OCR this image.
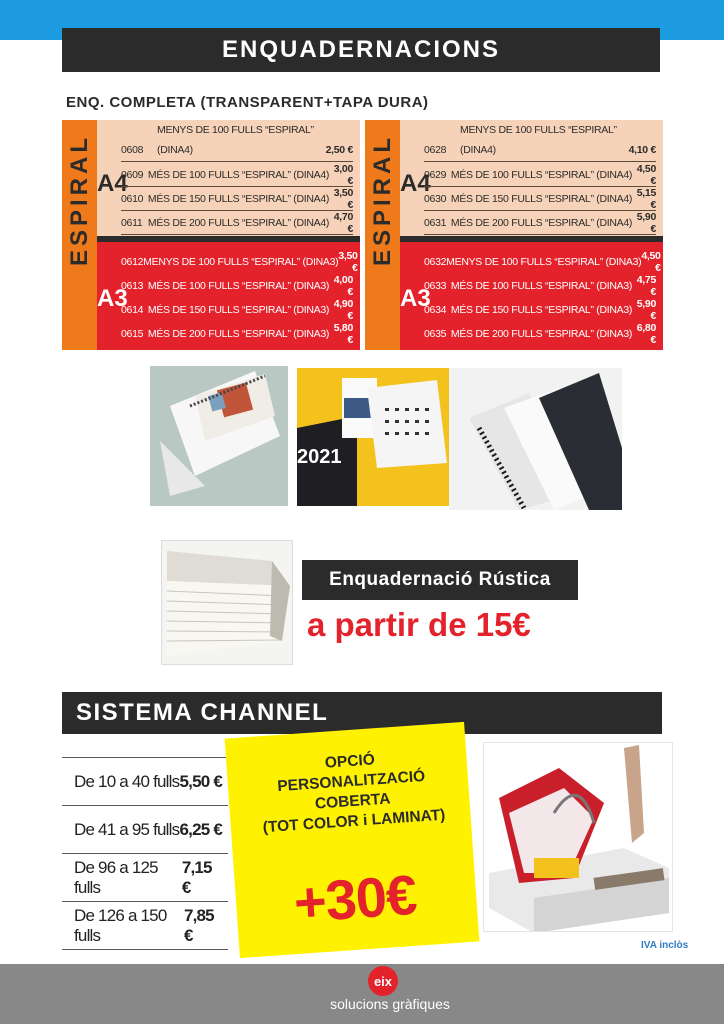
ENQUADERNACIONS
ENQ. COMPLETA (TRANSPARENT+TAPA DURA)
ESPIRAL A4
0608
MENYS DE 100 FULLS “ESPIRAL”
(DINA4)	2,50 €
0609 MÉS DE 100 FULLS “ESPIRAL” (DINA4) 3,00 €
0610 MÉS DE 150 FULLS “ESPIRAL” (DINA4) 3,50 €
0611 MÉS DE 200 FULLS “ESPIRAL” (DINA4) 4,70 €
A3
0612 MENYS DE 100 FULLS “ESPIRAL” (DINA3) 3,50 €
0613 MÉS DE 100 FULLS “ESPIRAL” (DINA3) 4,00 €
0614 MÉS DE 150 FULLS “ESPIRAL” (DINA3) 4,90 €
0615 MÉS DE 200 FULLS “ESPIRAL” (DINA3) 5,80 €
ESPIRAL A4
0628
MENYS DE 100 FULLS “ESPIRAL”
(DINA4)	4,10 €
0629 MÉS DE 100 FULLS “ESPIRAL” (DINA4) 4,50 €
0630 MÉS DE 150 FULLS “ESPIRAL” (DINA4) 5,15 €
0631 MÉS DE 200 FULLS “ESPIRAL” (DINA4) 5,90 €
A3
0632 MENYS DE 100 FULLS “ESPIRAL” (DINA3) 4,50 €
0633 MÉS DE 100 FULLS “ESPIRAL” (DINA3) 4,75 €
0634 MÉS DE 150 FULLS “ESPIRAL” (DINA3) 5,90 €
0635 MÉS DE 200 FULLS “ESPIRAL” (DINA3) 6,80 €
2021
Enquadernació Rústica
a partir de 15€
SISTEMA CHANNEL
De 10 a 40 fulls 5,50 €
De 41 a 95 fulls 6,25 €
De 96 a 125 fulls
7,15 €
De 126 a 150 fulls
7,85 €
OPCIÓ
PERSONALITZACIÓ
COBERTA
(TOT COLOR i LAMINAT)
+30€
IVA inclòs
eix
solucions gràfiques
